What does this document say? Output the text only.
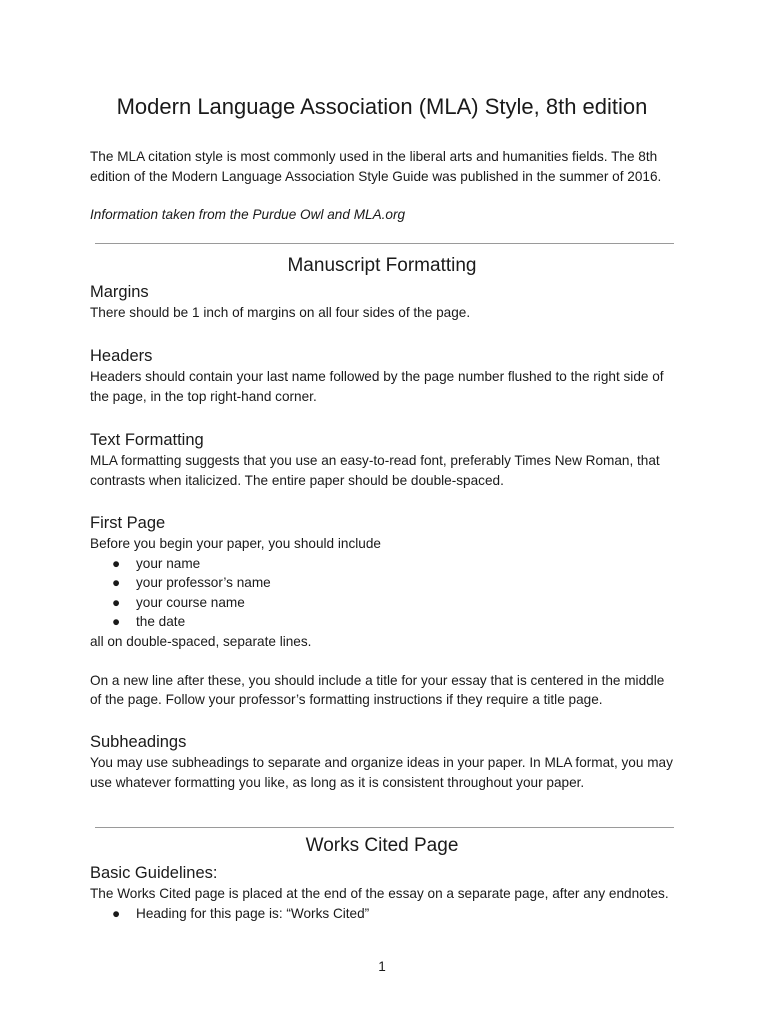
Modern Language Association (MLA) Style, 8th edition

The MLA citation style is most commonly used in the liberal arts and humanities fields. The 8th edition of the Modern Language Association Style Guide was published in the summer of 2016.

Information taken from the Purdue Owl and MLA.org

Manuscript Formatting
Margins

There should be 1 inch of margins on all four sides of the page.

Headers

Headers should contain your last name followed by the page number flushed to the right side of the page, in the top right-hand corner.

Text Formatting

MLA formatting suggests that you use an easy-to-read font, preferably Times New Roman, that contrasts when italicized. The entire paper should be double-spaced.

First Page

Before you begin your paper, you should include

● your name
● your professor’s name
● your course name
● the date

all on double-spaced, separate lines.

On a new line after these, you should include a title for your essay that is centered in the middle of the page. Follow your professor’s formatting instructions if they require a title page.

Subheadings

You may use subheadings to separate and organize ideas in your paper. In MLA format, you may use whatever formatting you like, as long as it is consistent throughout your paper.

Works Cited Page
Basic Guidelines:

The Works Cited page is placed at the end of the essay on a separate page, after any endnotes.

● Heading for this page is: “Works Cited”
1
